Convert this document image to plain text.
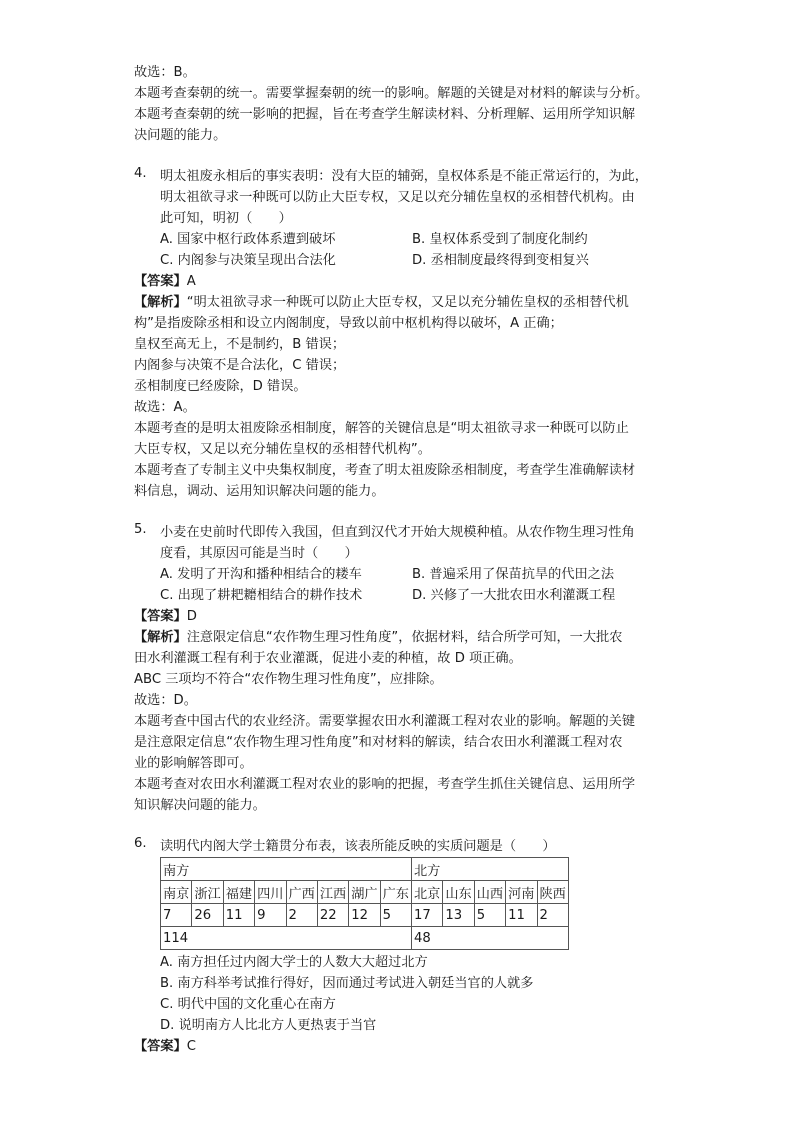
故选：B。
本题考查秦朝的统一。需要掌握秦朝的统一的影响。解题的关键是对材料的解读与分析。
本题考查秦朝的统一影响的把握，旨在考查学生解读材料、分析理解、运用所学知识解
决问题的能力。
4. 明太祖废永相后的事实表明：没有大臣的辅弼，皇权体系是不能正常运行的，为此，
明太祖欲寻求一种既可以防止大臣专权，又足以充分辅佐皇权的丞相替代机构。由
此可知，明初（　　）
A. 国家中枢行政体系遭到破坏	B. 皇权体系受到了制度化制约
C. 内阁参与决策呈现出合法化	D. 丞相制度最终得到变相复兴
【答案】A
【解析】“明太祖欲寻求一种既可以防止大臣专权，又足以充分辅佐皇权的丞相替代机
构”是指废除丞相和设立内阁制度，导致以前中枢机构得以破坏，A 正确；
皇权至高无上，不是制约，B 错误；
内阁参与决策不是合法化，C 错误；
丞相制度已经废除，D 错误。
故选：A。
本题考查的是明太祖废除丞相制度，解答的关键信息是“明太祖欲寻求一种既可以防止
大臣专权，又足以充分辅佐皇权的丞相替代机构”。
本题考查了专制主义中央集权制度，考查了明太祖废除丞相制度，考查学生准确解读材
料信息，调动、运用知识解决问题的能力。
5. 小麦在史前时代即传入我国，但直到汉代才开始大规模种植。从农作物生理习性角
度看，其原因可能是当时（　　）
A. 发明了开沟和播种相结合的耧车	B. 普遍采用了保苗抗旱的代田之法
C. 出现了耕耙耱相结合的耕作技术	D. 兴修了一大批农田水利灌溉工程
【答案】D
【解析】注意限定信息“农作物生理习性角度”，依据材料，结合所学可知，一大批农
田水利灌溉工程有利于农业灌溉，促进小麦的种植，故 D 项正确。
ABC 三项均不符合“农作物生理习性角度”，应排除。
故选：D。
本题考查中国古代的农业经济。需要掌握农田水利灌溉工程对农业的影响。解题的关键
是注意限定信息“农作物生理习性角度”和对材料的解读，结合农田水利灌溉工程对农
业的影响解答即可。
本题考查对农田水利灌溉工程对农业的影响的把握，考查学生抓住关键信息、运用所学
知识解决问题的能力。
6. 读明代内阁大学士籍贯分布表，该表所能反映的实质问题是（　　）
南方								北方				
南京	浙江	福建	四川	广西	江西	湖广	广东	北京	山东	山西	河南	陕西
7	26	11	9	2	22	12	5	17	13	5	11	2
114								48				
A. 南方担任过内阁大学士的人数大大超过北方
B. 南方科举考试推行得好，因而通过考试进入朝廷当官的人就多
C. 明代中国的文化重心在南方
D. 说明南方人比北方人更热衷于当官
【答案】C
